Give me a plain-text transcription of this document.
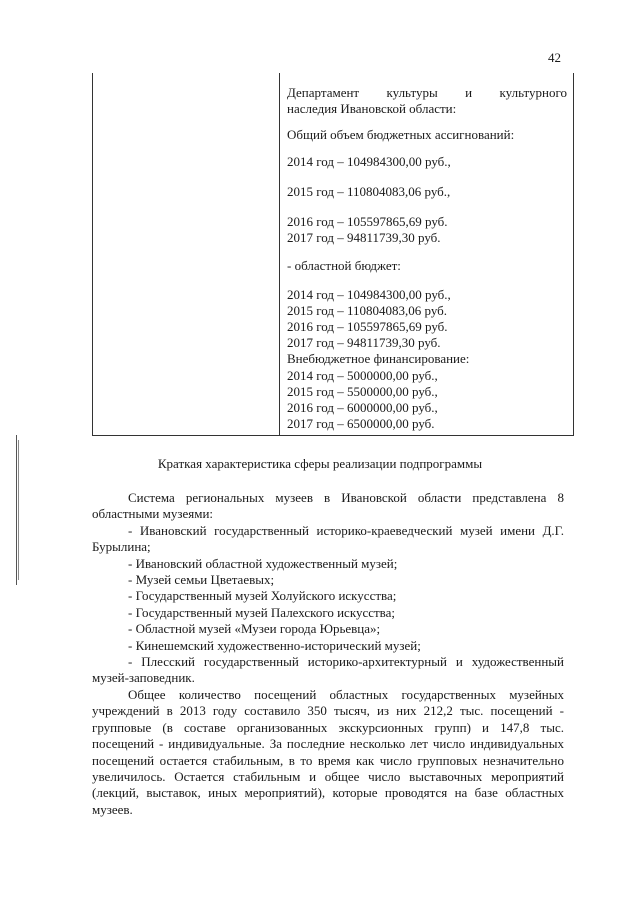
42

Департамент культуры и культурного

наследия Ивановской области:

Общий объем бюджетных ассигнований:

2014 год – 104984300,00 руб.,

2015 год – 110804083,06 руб.,

2016 год – 105597865,69 руб.

2017 год – 94811739,30 руб.

- областной бюджет:

2014 год – 104984300,00 руб.,

2015 год – 110804083,06 руб.

2016 год – 105597865,69 руб.

2017 год – 94811739,30 руб.

Внебюджетное финансирование:

2014 год – 5000000,00 руб.,

2015 год – 5500000,00 руб.,

2016 год – 6000000,00 руб.,

2017 год – 6500000,00 руб.

Краткая характеристика сферы реализации подпрограммы

Система региональных музеев в Ивановской области представлена 8 областными музеями:

- Ивановский государственный историко-краеведческий музей имени Д.Г. Бурылина;

- Ивановский областной художественный музей;

- Музей семьи Цветаевых;

- Государственный музей Холуйского искусства;

- Государственный музей Палехского искусства;

- Областной музей «Музеи города Юрьевца»;

- Кинешемский художественно-исторический музей;

- Плесский государственный историко-архитектурный и художественный музей-заповедник.

Общее количество посещений областных государственных музейных учреждений в 2013 году составило 350 тысяч, из них 212,2 тыс. посещений - групповые (в составе организованных экскурсионных групп) и 147,8 тыс. посещений - индивидуальные. За последние несколько лет число индивидуальных посещений остается стабильным, в то время как число групповых незначительно увеличилось. Остается стабильным и общее число выставочных мероприятий (лекций, выставок, иных мероприятий), которые проводятся на базе областных музеев.
